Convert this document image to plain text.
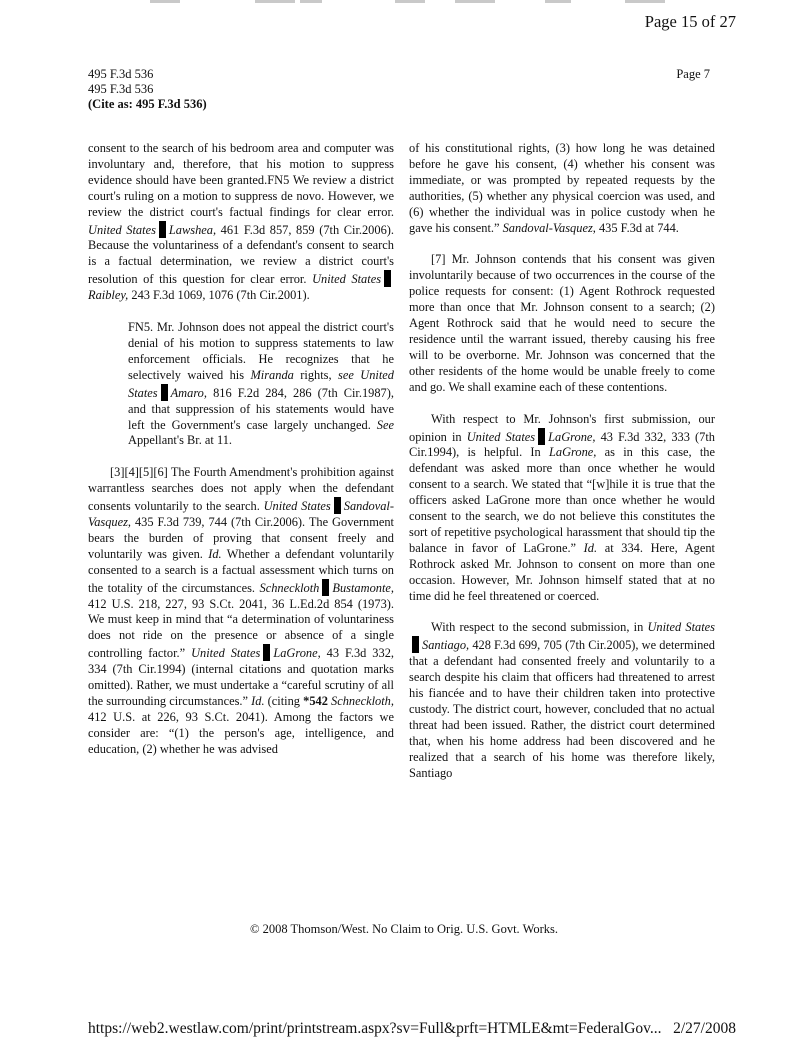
Page 15 of 27
495 F.3d 536
495 F.3d 536
(Cite as: 495 F.3d 536)
Page 7

consent to the search of his bedroom area and computer was involuntary and, therefore, that his motion to suppress evidence should have been granted.FN5 We review a district court's ruling on a motion to suppress de novo. However, we review the district court's factual findings for clear error. United States Lawshea, 461 F.3d 857, 859 (7th Cir.2006). Because the voluntariness of a defendant's consent to search is a factual determination, we review a district court's resolution of this question for clear error. United StatesRaibley, 243 F.3d 1069, 1076 (7th Cir.2001).

FN5. Mr. Johnson does not appeal the district court's denial of his motion to suppress statements to law enforcement officials. He recognizes that he selectively waived his Miranda rights, see United States Amaro, 816 F.2d 284, 286 (7th Cir.1987), and that suppression of his statements would have left the Government's case largely unchanged. See Appellant's Br. at 11.

[3][4][5][6] The Fourth Amendment's prohibition against warrantless searches does not apply when the defendant consents voluntarily to the search. United States Sandoval-Vasquez, 435 F.3d 739, 744 (7th Cir.2006). The Government bears the burden of proving that consent freely and voluntarily was given. Id. Whether a defendant voluntarily consented to a search is a factual assessment which turns on the totality of the circumstances. Schneckloth Bustamonte, 412 U.S. 218, 227, 93 S.Ct. 2041, 36 L.Ed.2d 854 (1973). We must keep in mind that “a determination of voluntariness does not ride on the presence or absence of a single controlling factor.” United States LaGrone, 43 F.3d 332, 334 (7th Cir.1994) (internal citations and quotation marks omitted). Rather, we must undertake a “careful scrutiny of all the surrounding circumstances.” Id. (citing *542 Schneckloth, 412 U.S. at 226, 93 S.Ct. 2041). Among the factors we consider are: “(1) the person's age, intelligence, and education, (2) whether he was advised

of his constitutional rights, (3) how long he was detained before he gave his consent, (4) whether his consent was immediate, or was prompted by repeated requests by the authorities, (5) whether any physical coercion was used, and (6) whether the individual was in police custody when he gave his consent.” Sandoval-Vasquez, 435 F.3d at 744.

[7] Mr. Johnson contends that his consent was given involuntarily because of two occurrences in the course of the police requests for consent: (1) Agent Rothrock requested more than once that Mr. Johnson consent to a search; (2) Agent Rothrock said that he would need to secure the residence until the warrant issued, thereby causing his free will to be overborne. Mr. Johnson was concerned that the other residents of the home would be unable freely to come and go. We shall examine each of these contentions.

With respect to Mr. Johnson's first submission, our opinion in United States LaGrone, 43 F.3d 332, 333 (7th Cir.1994), is helpful. In LaGrone, as in this case, the defendant was asked more than once whether he would consent to a search. We stated that “[w]hile it is true that the officers asked LaGrone more than once whether he would consent to the search, we do not believe this constitutes the sort of repetitive psychological harassment that should tip the balance in favor of LaGrone.” Id. at 334. Here, Agent Rothrock asked Mr. Johnson to consent on more than one occasion. However, Mr. Johnson himself stated that at no time did he feel threatened or coerced.

With respect to the second submission, in United StatesSantiago, 428 F.3d 699, 705 (7th Cir.2005), we determined that a defendant had consented freely and voluntarily to a search despite his claim that officers had threatened to arrest his fiancée and to have their children taken into protective custody. The district court, however, concluded that no actual threat had been issued. Rather, the district court determined that, when his home address had been discovered and he realized that a search of his home was therefore likely, Santiago

© 2008 Thomson/West. No Claim to Orig. U.S. Govt. Works.
https://web2.westlaw.com/print/printstream.aspx?sv=Full&prft=HTMLE&mt=FederalGov... 2/27/2008
